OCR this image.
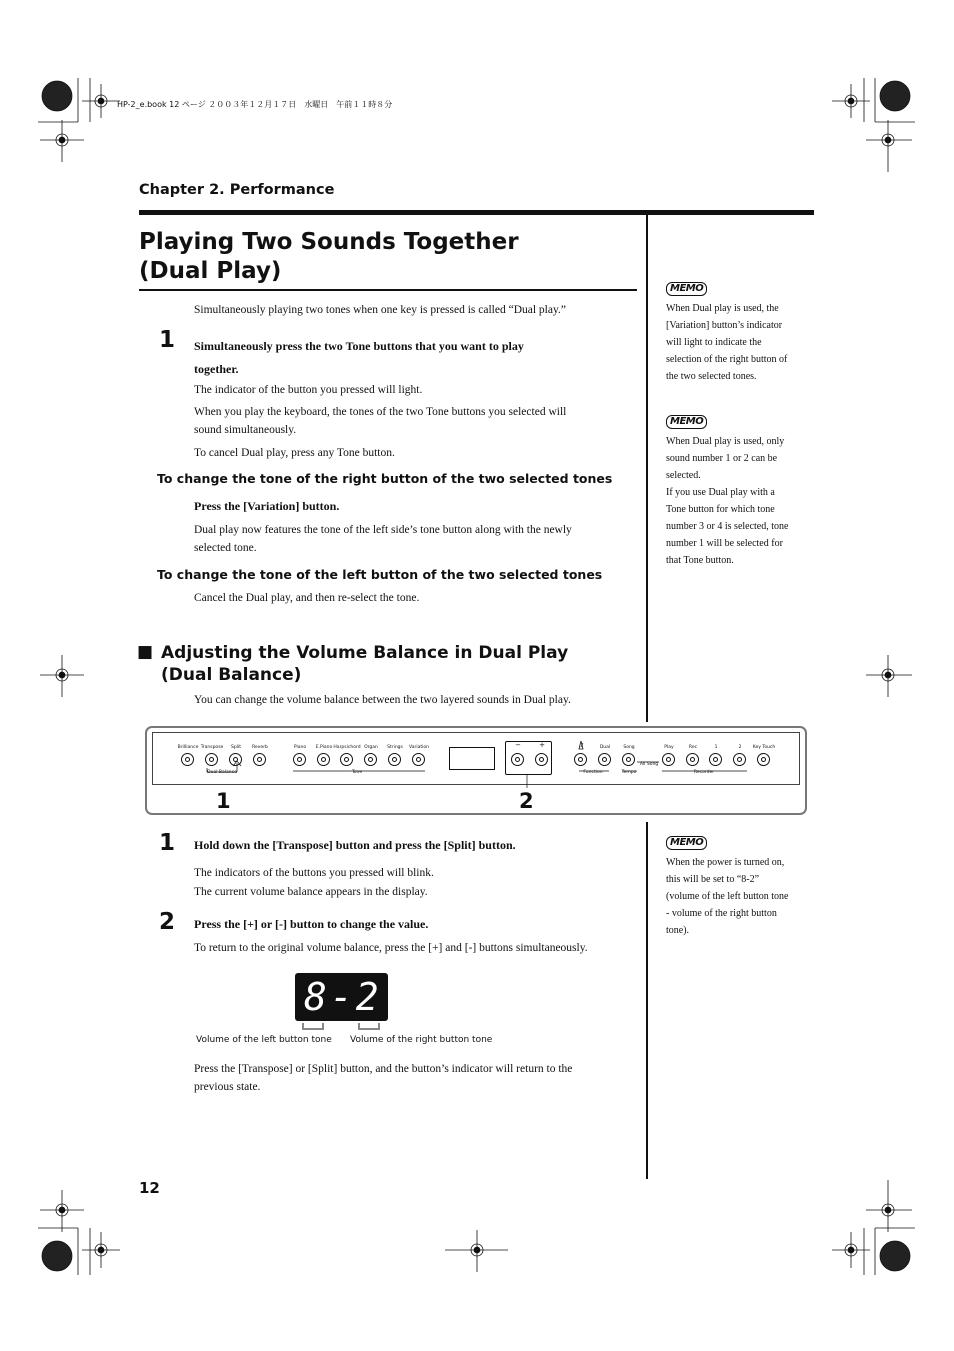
HP-2_e.book 12 ページ ２００３年１２月１７日　水曜日　午前１１時８分
Chapter 2. Performance
Playing Two Sounds Together
(Dual Play)
Simultaneously playing two tones when one key is pressed is called “Dual play.”
1 Simultaneously press the two Tone buttons that you want to play
together.
The indicator of the button you pressed will light.
When you play the keyboard, the tones of the two Tone buttons you selected will
sound simultaneously.
To cancel Dual play, press any Tone button.
To change the tone of the right button of the two selected tones
Press the [Variation] button.
Dual play now features the tone of the left side’s tone button along with the newly
selected tone.
To change the tone of the left button of the two selected tones
Cancel the Dual play, and then re-select the tone.
■ Adjusting the Volume Balance in Dual Play
(Dual Balance)
You can change the volume balance between the two layered sounds in Dual play.
Brilliance Transpose Split Reverb	Piano E.Piano Harpsichord Organ Strings Variation	−	+	Dual	Song	Play	Rec	1	2	Key Touch
Dual Balance	Tone	Function	Tempo
All Song
Recorder
1	2
1 Hold down the [Transpose] button and press the [Split] button.
The indicators of the buttons you pressed will blink.
The current volume balance appears in the display.
2 Press the [+] or [-] button to change the value.
To return to the original volume balance, press the [+] and [-] buttons simultaneously.
8-2
Volume of the left button tone Volume of the right button tone
Press the [Transpose] or [Split] button, and the button’s indicator will return to the
previous state.
MEMO
When Dual play is used, the
[Variation] button’s indicator
will light to indicate the
selection of the right button of
the two selected tones.
MEMO
When Dual play is used, only
sound number 1 or 2 can be
selected.
If you use Dual play with a
Tone button for which tone
number 3 or 4 is selected, tone
number 1 will be selected for
that Tone button.
MEMO
When the power is turned on,
this will be set to “8-2”
(volume of the left button tone
- volume of the right button
tone).
12
